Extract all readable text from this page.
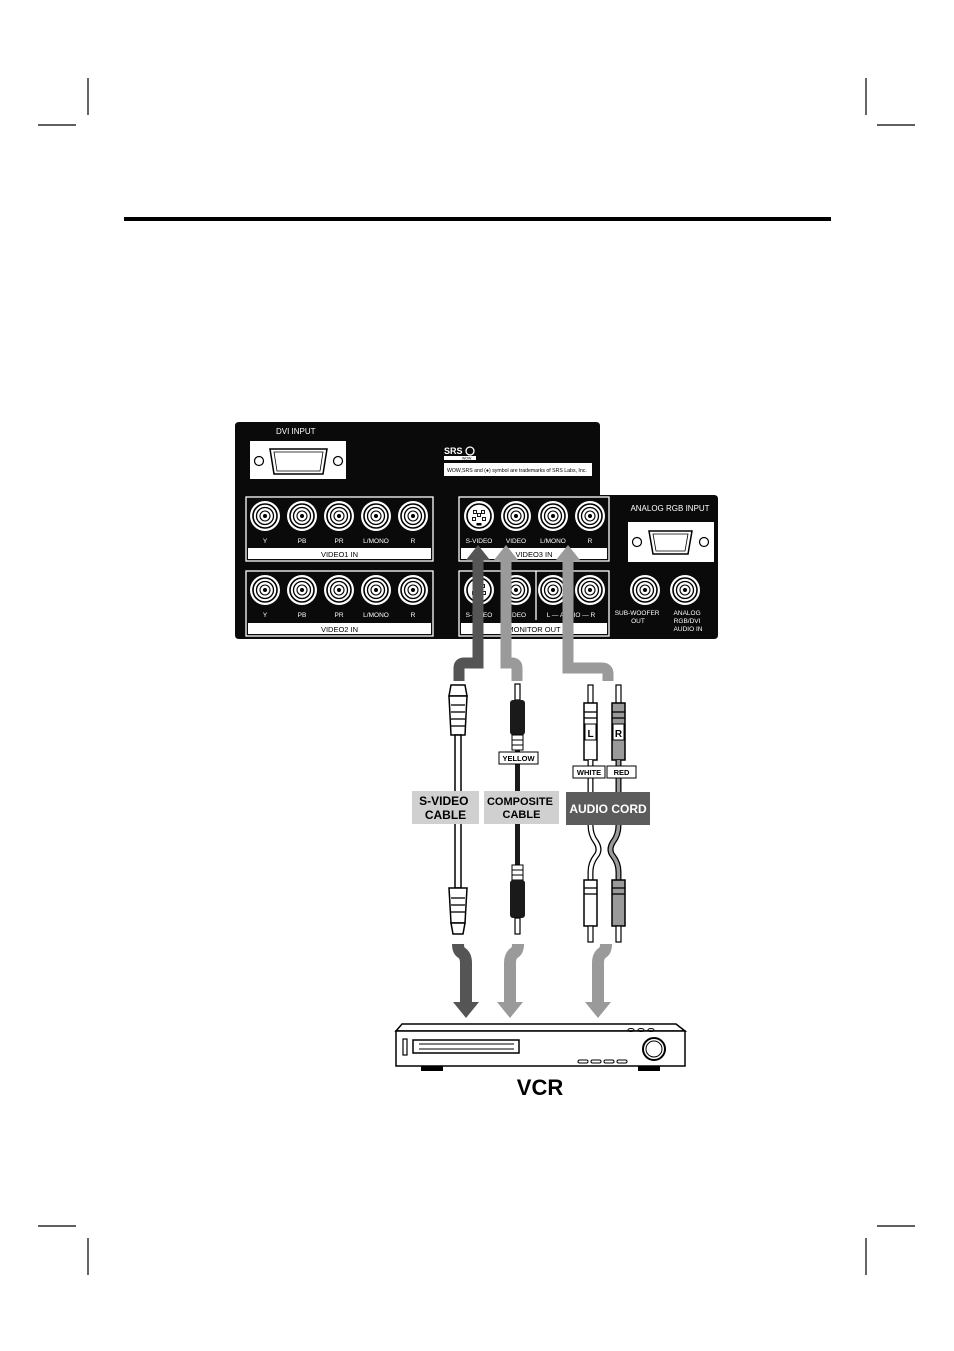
DVI INPUT
SRS
WOW
WOW,SRS and (●) symbol are trademarks of SRS Labs, Inc.
VIDEO1 IN
Y	PB	PR	L/MONO	R
VIDEO2 IN
Y	PB	PR	L/MONO	R
VIDEO3 IN
S-VIDEO VIDEO L/MONO	R
MONITOR OUT
S-VIDEO VIDEO	L — AUDIO — R
ANALOG RGB INPUT
SUB-WOOFER OUT
ANALOG RGB/DVI AUDIO IN
YELLOW
L R
WHITE RED
S-VIDEO CABLE
COMPOSITE CABLE	AUDIO CORD
VCR
